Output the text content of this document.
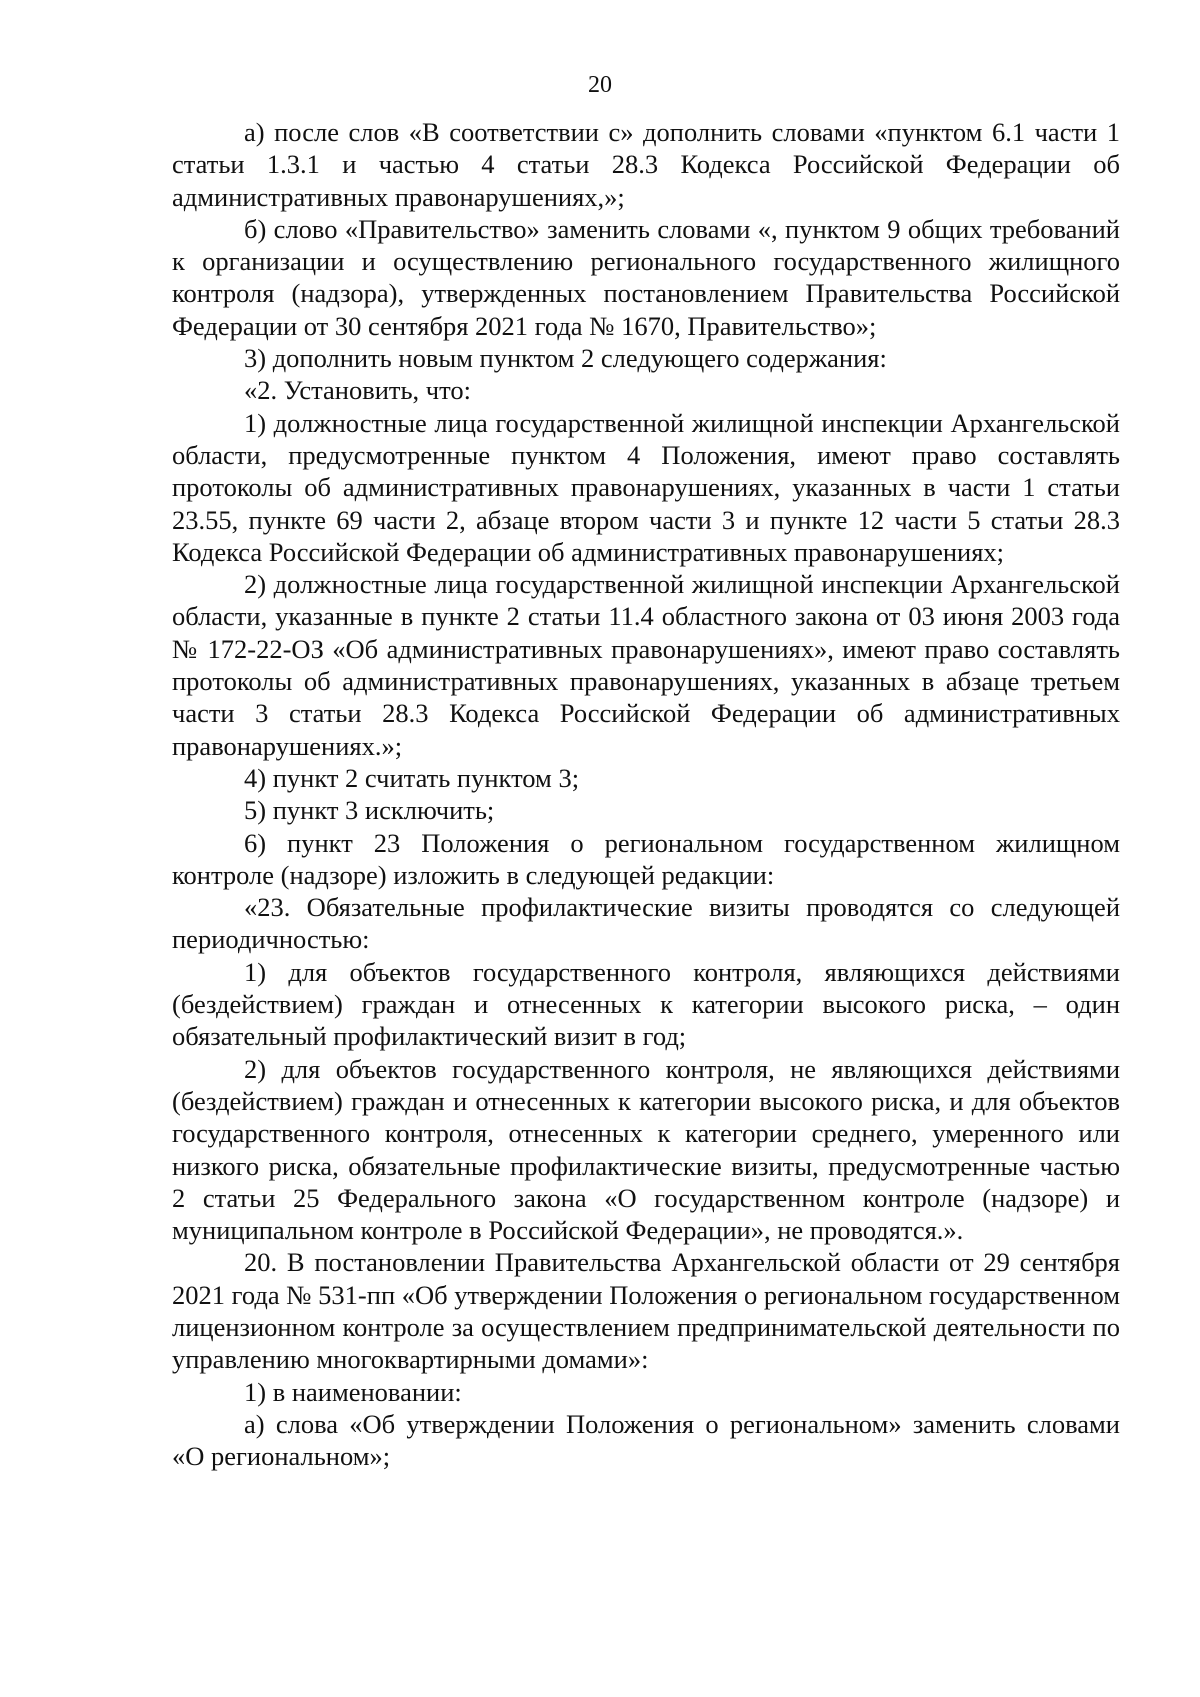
20

а) после слов «В соответствии с» дополнить словами «пунктом 6.1 части 1 статьи 1.3.1 и частью 4 статьи 28.3 Кодекса Российской Федерации об административных правонарушениях,»;

б) слово «Правительство» заменить словами «, пунктом 9 общих требований к организации и осуществлению регионального государственного жилищного контроля (надзора), утвержденных постановлением Правительства Российской Федерации от 30 сентября 2021 года № 1670, Правительство»;

3) дополнить новым пунктом 2 следующего содержания:

«2. Установить, что:

1) должностные лица государственной жилищной инспекции Архангельской области, предусмотренные пунктом 4 Положения, имеют право составлять протоколы об административных правонарушениях, указанных в части 1 статьи 23.55, пункте 69 части 2, абзаце втором части 3 и пункте 12 части 5 статьи 28.3 Кодекса Российской Федерации об административных правонарушениях;

2) должностные лица государственной жилищной инспекции Архангельской области, указанные в пункте 2 статьи 11.4 областного закона от 03 июня 2003 года № 172-22-ОЗ «Об административных правонарушениях», имеют право составлять протоколы об административных правонарушениях, указанных в абзаце третьем части 3 статьи 28.3 Кодекса Российской Федерации об административных правонарушениях.»;

4) пункт 2 считать пунктом 3;

5) пункт 3 исключить;

6) пункт 23 Положения о региональном государственном жилищном контроле (надзоре) изложить в следующей редакции:

«23. Обязательные профилактические визиты проводятся со следующей периодичностью:

1) для объектов государственного контроля, являющихся действиями (бездействием) граждан и отнесенных к категории высокого риска, – один обязательный профилактический визит в год;

2) для объектов государственного контроля, не являющихся действиями (бездействием) граждан и отнесенных к категории высокого риска, и для объектов государственного контроля, отнесенных к категории среднего, умеренного или низкого риска, обязательные профилактические визиты, предусмотренные частью 2 статьи 25 Федерального закона «О государственном контроле (надзоре) и муниципальном контроле в Российской Федерации», не проводятся.».

20. В постановлении Правительства Архангельской области от 29 сентября 2021 года № 531-пп «Об утверждении Положения о региональном государственном лицензионном контроле за осуществлением предпринимательской деятельности по управлению многоквартирными домами»:

1) в наименовании:

а) слова «Об утверждении Положения о региональном» заменить словами «О региональном»;
